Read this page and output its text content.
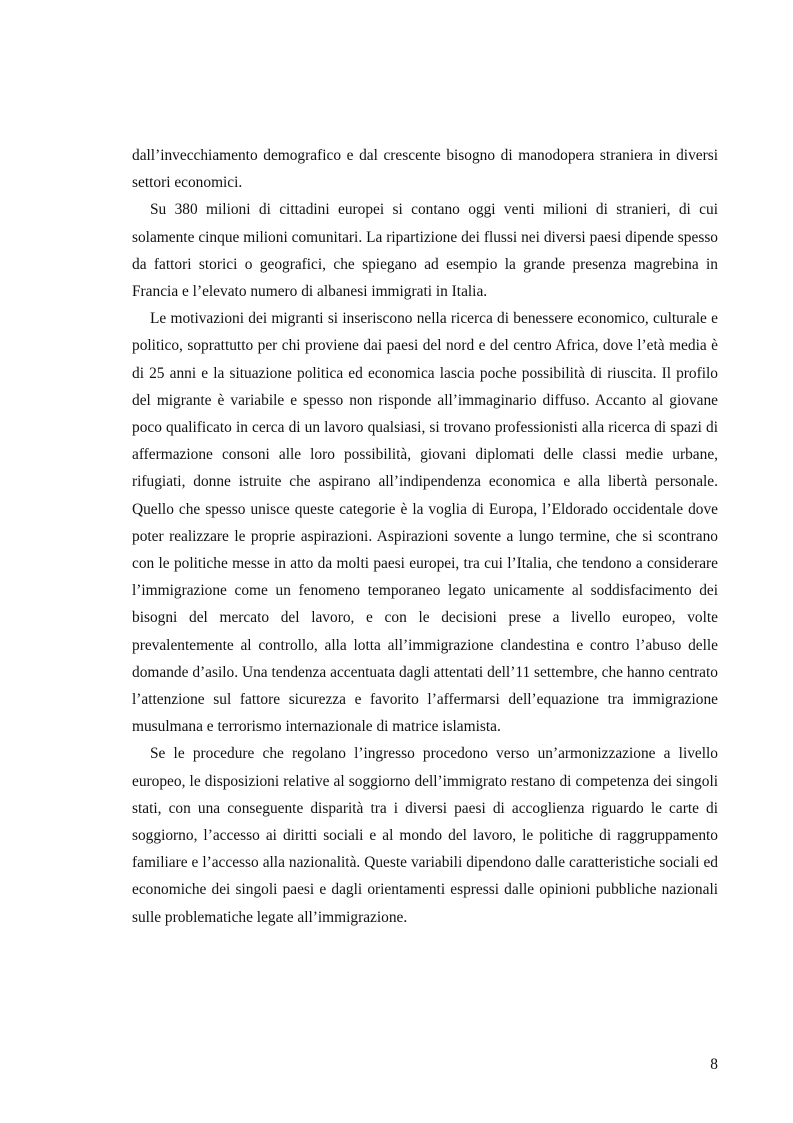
dall’invecchiamento demografico e dal crescente bisogno di manodopera straniera in diversi settori economici.

Su 380 milioni di cittadini europei si contano oggi venti milioni di stranieri, di cui solamente cinque milioni comunitari. La ripartizione dei flussi nei diversi paesi dipende spesso da fattori storici o geografici, che spiegano ad esempio la grande presenza magrebina in Francia e l’elevato numero di albanesi immigrati in Italia.

Le motivazioni dei migranti si inseriscono nella ricerca di benessere economico, culturale e politico, soprattutto per chi proviene dai paesi del nord e del centro Africa, dove l’età media è di 25 anni e la situazione politica ed economica lascia poche possibilità di riuscita. Il profilo del migrante è variabile e spesso non risponde all’immaginario diffuso. Accanto al giovane poco qualificato in cerca di un lavoro qualsiasi, si trovano professionisti alla ricerca di spazi di affermazione consoni alle loro possibilità, giovani diplomati delle classi medie urbane, rifugiati, donne istruite che aspirano all’indipendenza economica e alla libertà personale. Quello che spesso unisce queste categorie è la voglia di Europa, l’Eldorado occidentale dove poter realizzare le proprie aspirazioni. Aspirazioni sovente a lungo termine, che si scontrano con le politiche messe in atto da molti paesi europei, tra cui l’Italia, che tendono a considerare l’immigrazione come un fenomeno temporaneo legato unicamente al soddisfacimento dei bisogni del mercato del lavoro, e con le decisioni prese a livello europeo, volte prevalentemente al controllo, alla lotta all’immigrazione clandestina e contro l’abuso delle domande d’asilo. Una tendenza accentuata dagli attentati dell’11 settembre, che hanno centrato l’attenzione sul fattore sicurezza e favorito l’affermarsi dell’equazione tra immigrazione musulmana e terrorismo internazionale di matrice islamista.

Se le procedure che regolano l’ingresso procedono verso un’armonizzazione a livello europeo, le disposizioni relative al soggiorno dell’immigrato restano di competenza dei singoli stati, con una conseguente disparità tra i diversi paesi di accoglienza riguardo le carte di soggiorno, l’accesso ai diritti sociali e al mondo del lavoro, le politiche di raggruppamento familiare e l’accesso alla nazionalità. Queste variabili dipendono dalle caratteristiche sociali ed economiche dei singoli paesi e dagli orientamenti espressi dalle opinioni pubbliche nazionali sulle problematiche legate all’immigrazione.

8
